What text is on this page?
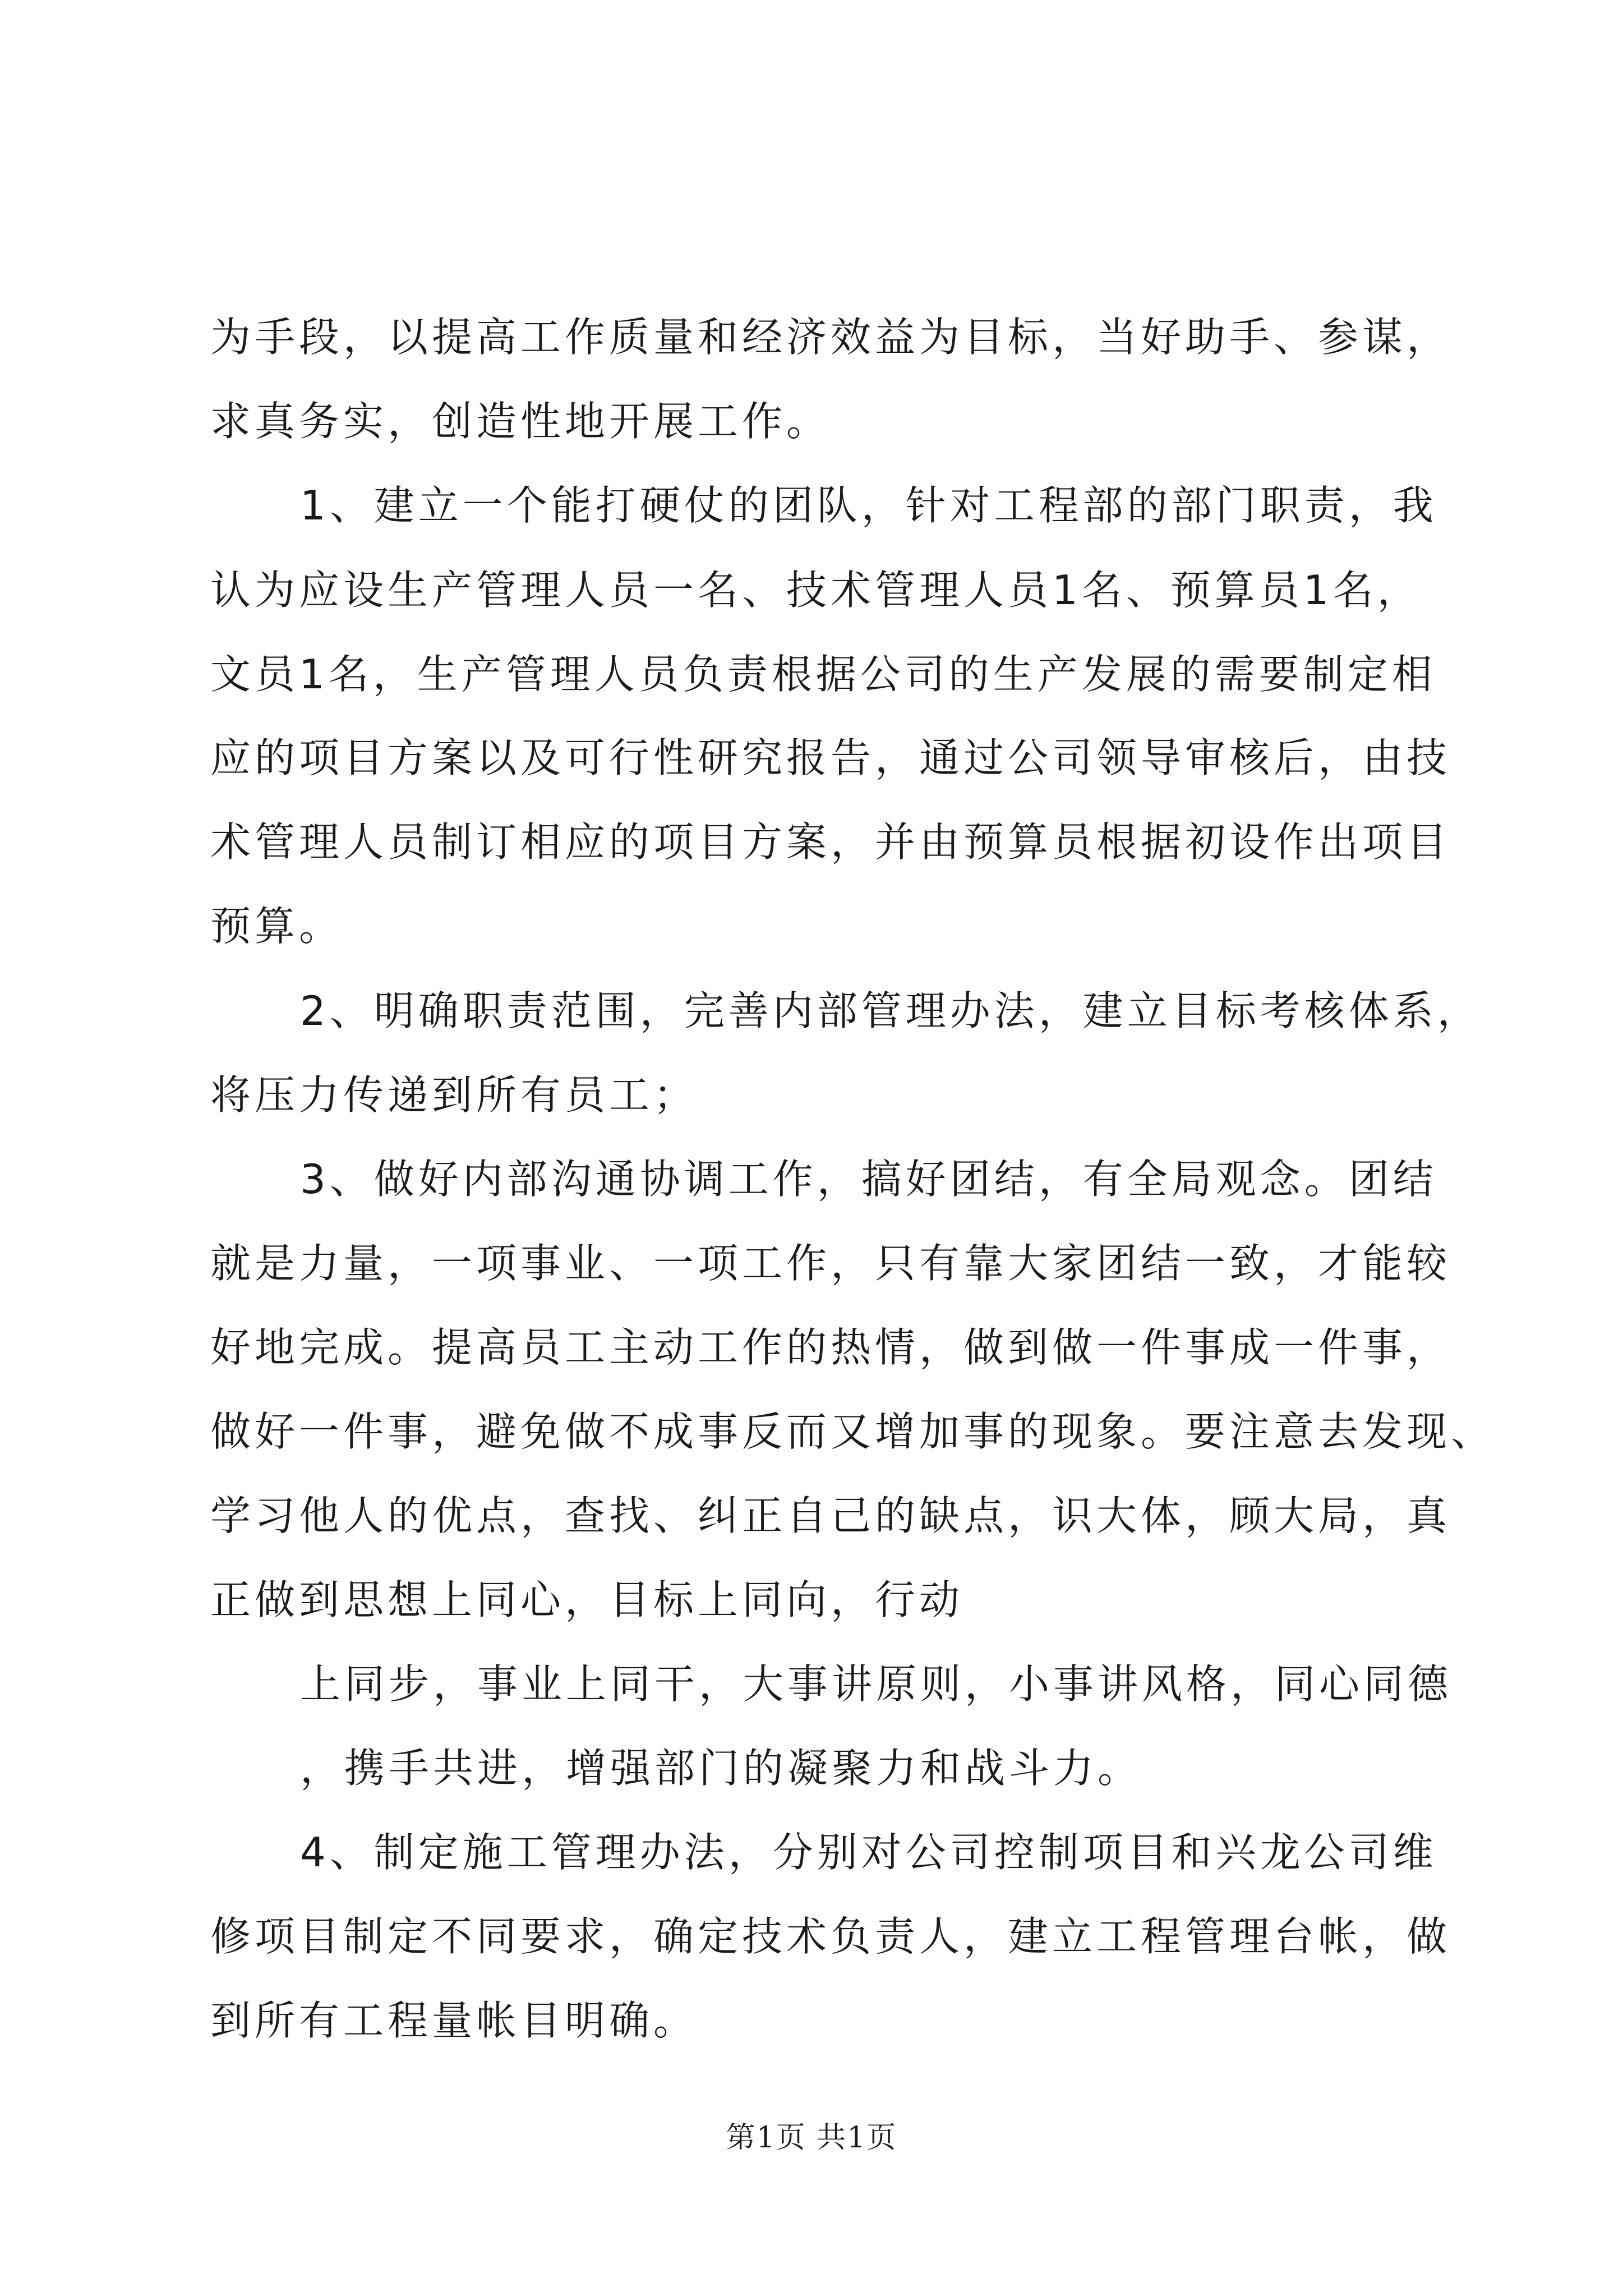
为手段，以提高工作质量和经济效益为目标，当好助手、参谋，
求真务实，创造性地开展工作。
1、建立一个能打硬仗的团队，针对工程部的部门职责，我
认为应设生产管理人员一名、技术管理人员1名、预算员1名，
文员1名，生产管理人员负责根据公司的生产发展的需要制定相
应的项目方案以及可行性研究报告，通过公司领导审核后，由技
术管理人员制订相应的项目方案，并由预算员根据初设作出项目
预算。
2、明确职责范围，完善内部管理办法，建立目标考核体系，
将压力传递到所有员工；
3、做好内部沟通协调工作，搞好团结，有全局观念。团结
就是力量，一项事业、一项工作，只有靠大家团结一致，才能较
好地完成。提高员工主动工作的热情，做到做一件事成一件事，
做好一件事，避免做不成事反而又增加事的现象。要注意去发现、
学习他人的优点，查找、纠正自己的缺点，识大体，顾大局，真
正做到思想上同心，目标上同向，行动
上同步，事业上同干，大事讲原则，小事讲风格，同心同德
，携手共进，增强部门的凝聚力和战斗力。
4、制定施工管理办法，分别对公司控制项目和兴龙公司维
修项目制定不同要求，确定技术负责人，建立工程管理台帐，做
到所有工程量帐目明确。
第1页 共1页
